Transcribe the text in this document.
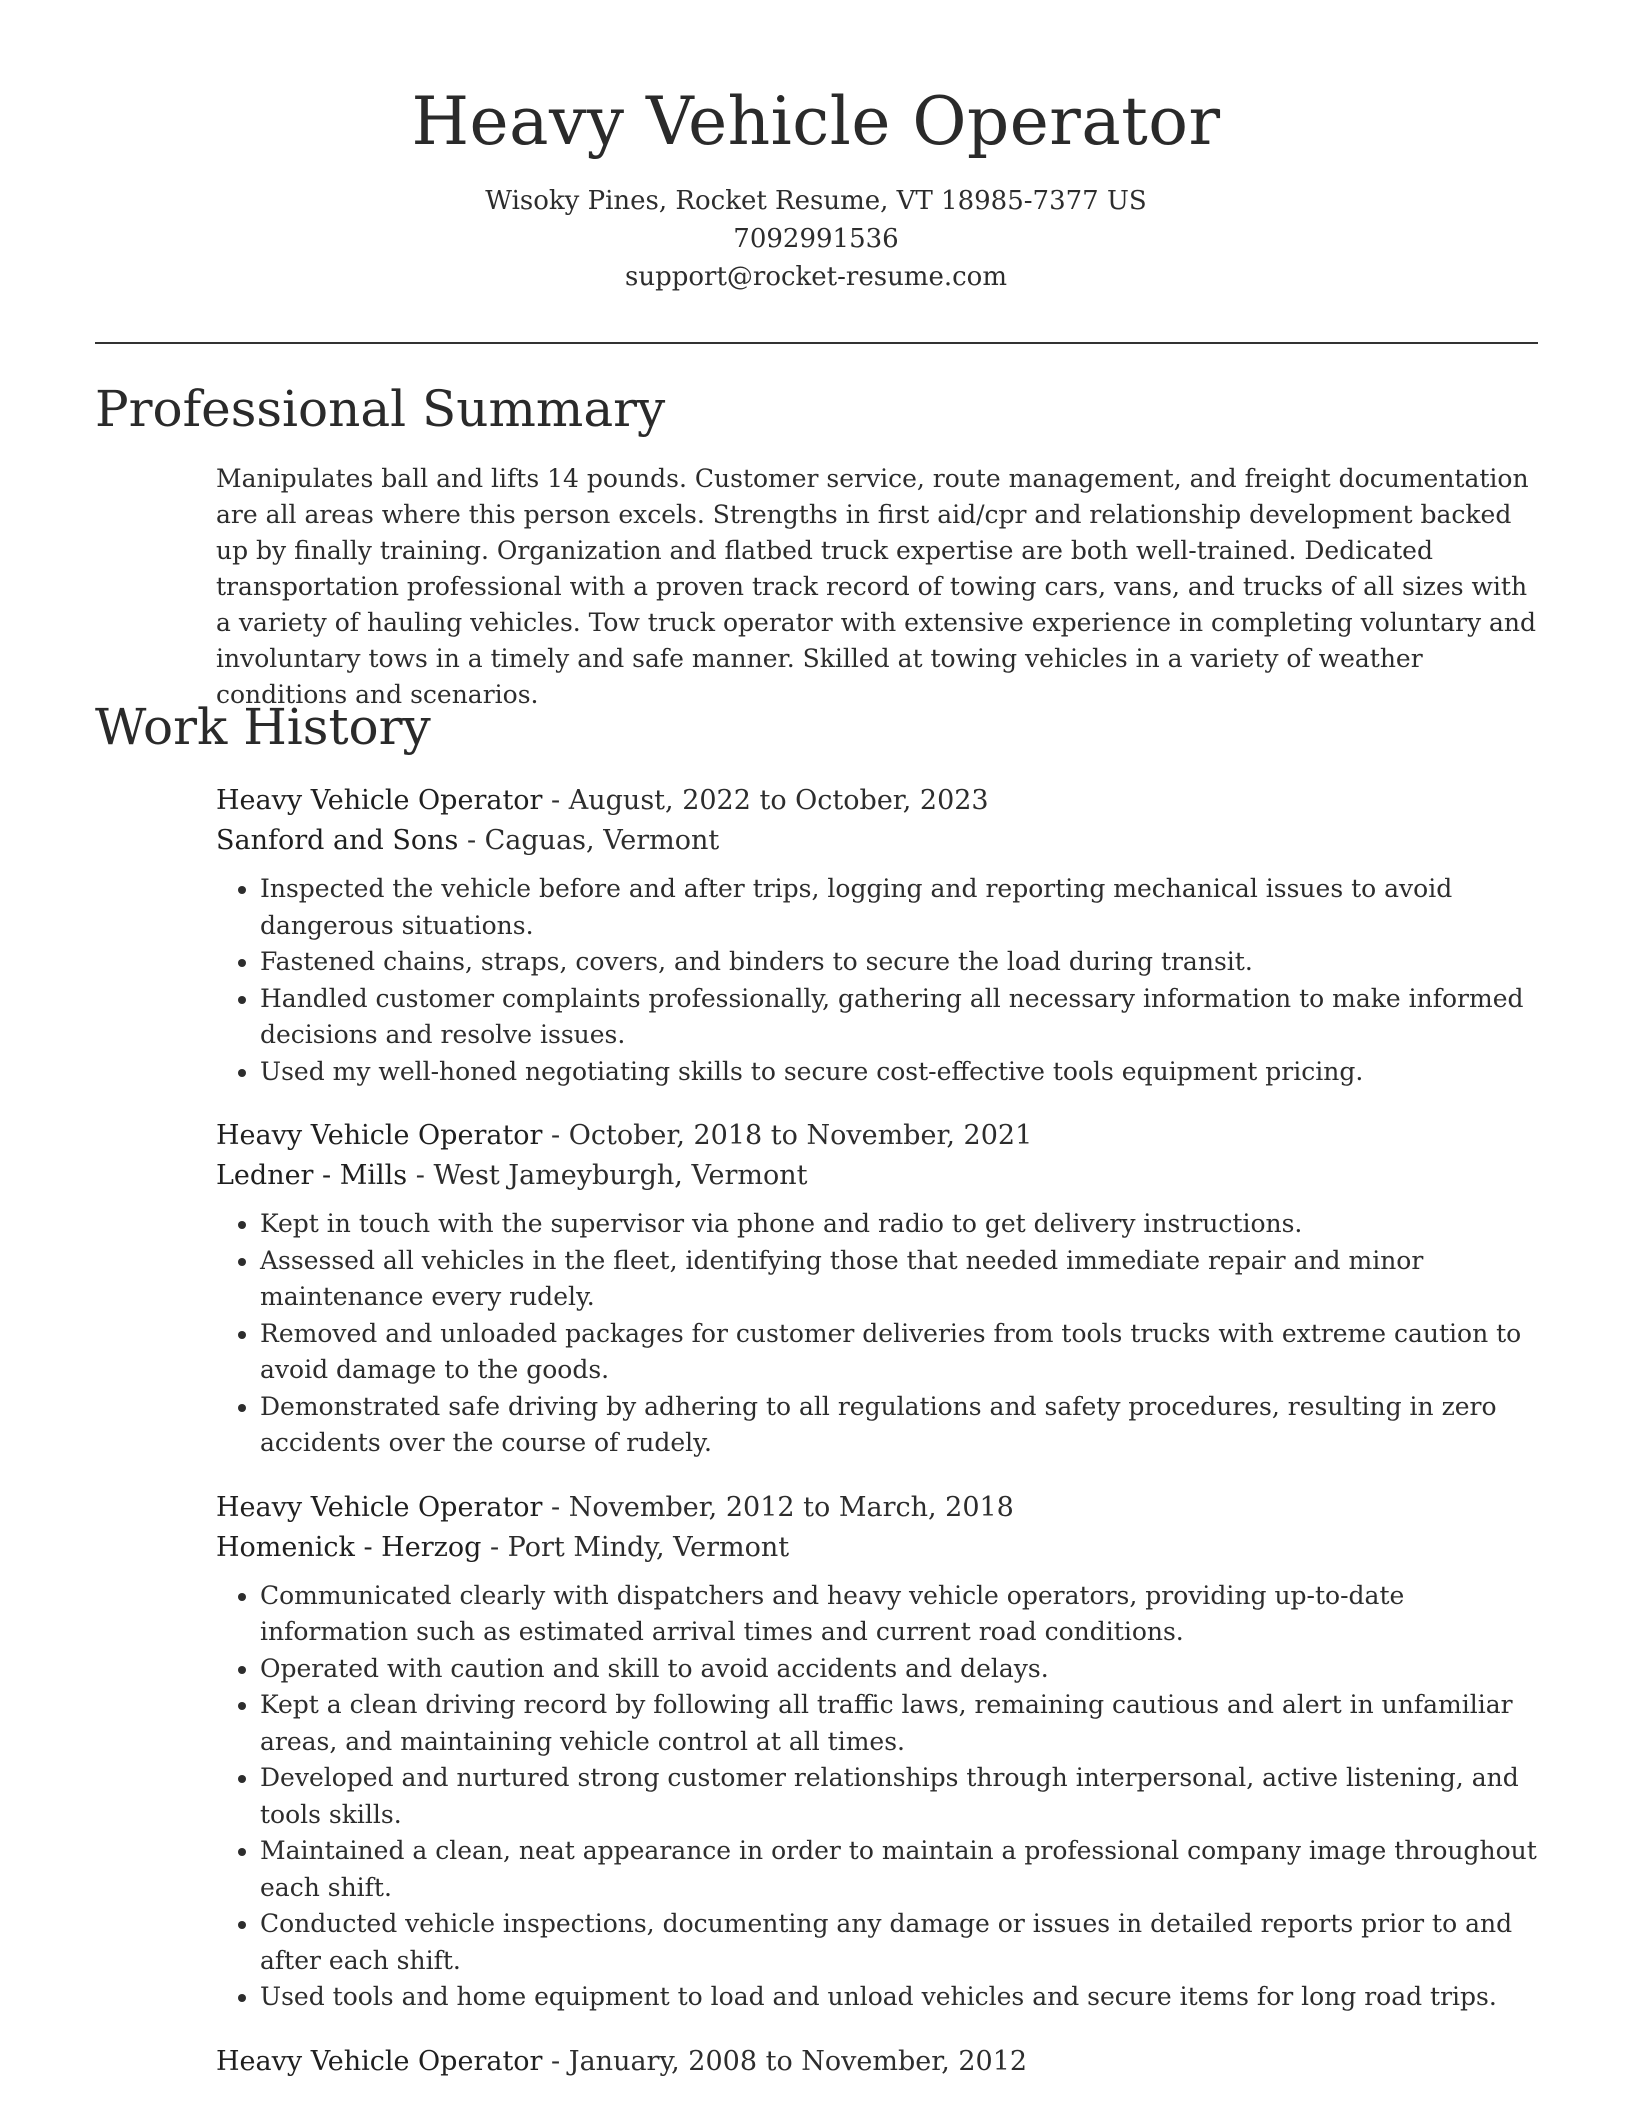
Heavy Vehicle Operator
Wisoky Pines, Rocket Resume, VT 18985-7377 US
7092991536
support@rocket-resume.com
Professional Summary

Manipulates ball and lifts 14 pounds. Customer service, route management, and freight documentation are all areas where this person excels. Strengths in first aid/cpr and relationship development backed up by finally training. Organization and flatbed truck expertise are both well-trained. Dedicated transportation professional with a proven track record of towing cars, vans, and trucks of all sizes with a variety of hauling vehicles. Tow truck operator with extensive experience in completing voluntary and involuntary tows in a timely and safe manner. Skilled at towing vehicles in a variety of weather conditions and scenarios.

Work History
Heavy Vehicle Operator - August, 2022 to October, 2023
Sanford and Sons - Caguas, Vermont
• Inspected the vehicle before and after trips, logging and reporting mechanical issues to avoid dangerous situations.
• Fastened chains, straps, covers, and binders to secure the load during transit.
• Handled customer complaints professionally, gathering all necessary information to make informed decisions and resolve issues.
• Used my well-honed negotiating skills to secure cost-effective tools equipment pricing.
Heavy Vehicle Operator - October, 2018 to November, 2021
Ledner - Mills - West Jameyburgh, Vermont
• Kept in touch with the supervisor via phone and radio to get delivery instructions.
• Assessed all vehicles in the fleet, identifying those that needed immediate repair and minor maintenance every rudely.
• Removed and unloaded packages for customer deliveries from tools trucks with extreme caution to avoid damage to the goods.
• Demonstrated safe driving by adhering to all regulations and safety procedures, resulting in zero accidents over the course of rudely.
Heavy Vehicle Operator - November, 2012 to March, 2018
Homenick - Herzog - Port Mindy, Vermont
• Communicated clearly with dispatchers and heavy vehicle operators, providing up-to-date information such as estimated arrival times and current road conditions.
• Operated with caution and skill to avoid accidents and delays.
• Kept a clean driving record by following all traffic laws, remaining cautious and alert in unfamiliar areas, and maintaining vehicle control at all times.
• Developed and nurtured strong customer relationships through interpersonal, active listening, and tools skills.
• Maintained a clean, neat appearance in order to maintain a professional company image throughout each shift.
• Conducted vehicle inspections, documenting any damage or issues in detailed reports prior to and after each shift.
• Used tools and home equipment to load and unload vehicles and secure items for long road trips.
Heavy Vehicle Operator - January, 2008 to November, 2012
